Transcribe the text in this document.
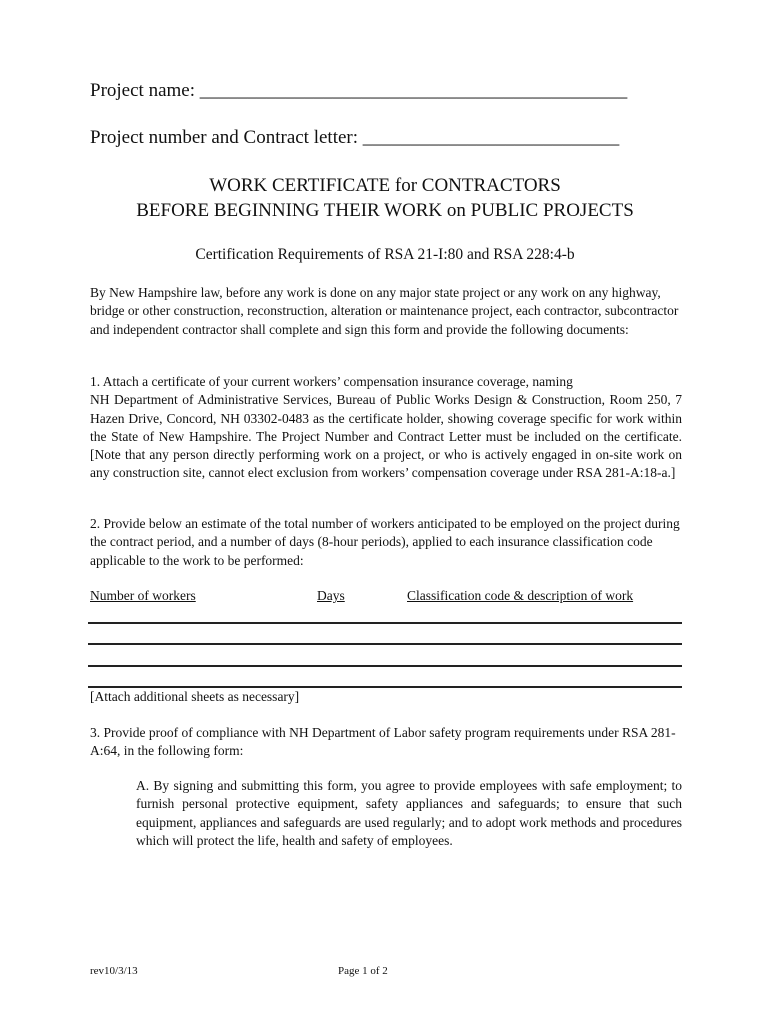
Project name: _____________________________________________
Project number and Contract letter: ___________________________
WORK CERTIFICATE for CONTRACTORS
BEFORE BEGINNING THEIR WORK on PUBLIC PROJECTS
Certification Requirements of RSA 21-I:80 and RSA 228:4-b
By New Hampshire law, before any work is done on any major state project or any work on any highway, bridge or other construction, reconstruction, alteration or maintenance project, each contractor, subcontractor and independent contractor shall complete and sign this form and provide the following documents:
1. Attach a certificate of your current workers’ compensation insurance coverage, naming
NH Department of Administrative Services, Bureau of Public Works Design & Construction, Room 250, 7 Hazen Drive, Concord, NH 03302-0483 as the certificate holder, showing coverage specific for work within the State of New Hampshire. The Project Number and Contract Letter must be included on the certificate. [Note that any person directly performing work on a project, or who is actively engaged in on-site work on any construction site, cannot elect exclusion from workers’ compensation coverage under RSA 281-A:18-a.]
2. Provide below an estimate of the total number of workers anticipated to be employed on the project during the contract period, and a number of days (8-hour periods), applied to each insurance classification code applicable to the work to be performed:
Number of workers	Days	Classification code & description of work
[Attach additional sheets as necessary]
3. Provide proof of compliance with NH Department of Labor safety program requirements under RSA 281-A:64, in the following form:
A. By signing and submitting this form, you agree to provide employees with safe employment; to furnish personal protective equipment, safety appliances and safeguards; to ensure that such equipment, appliances and safeguards are used regularly; and to adopt work methods and procedures which will protect the life, health and safety of employees.
rev10/3/13	Page 1 of 2
